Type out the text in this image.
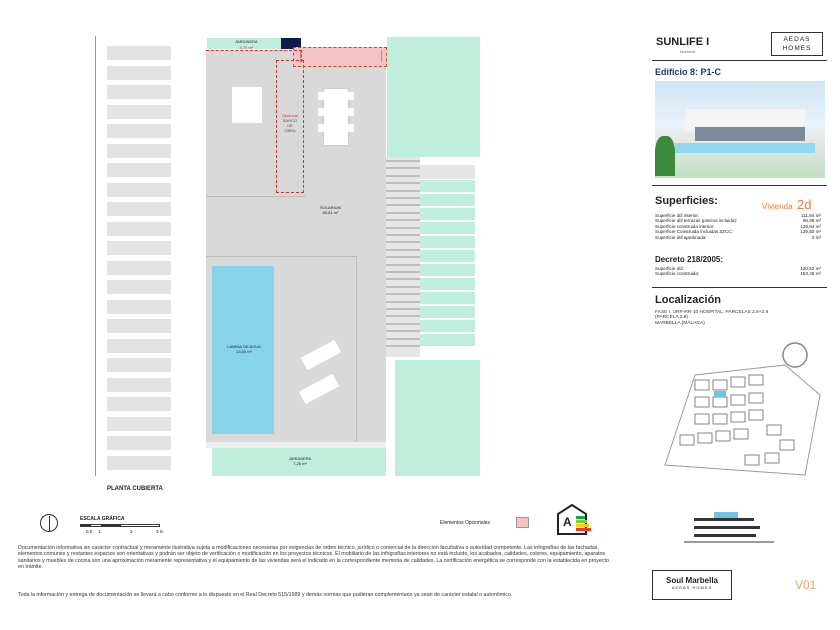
JARDINERA
3,70 m²
Opcional
BANCO
DE
OBRA
SOLARIUM
89,61 m²
LAMINA DE AGUA
13,50 m²
JARDINERA
7,26 m²
PLANTA CUBIERTA
ESCALA GRÁFICA
0.5 1	2	3 m
Elementos Opcionales	A
Documentación informativa sin carácter contractual y meramente ilustrativa sujeta a modificaciones necesarias por exigencias de orden técnico, jurídico o comercial de la dirección facultativa o autoridad competente. Las infografías de las fachadas, elementos comunes y restantes espacios son orientativas y podrán ser objeto de verificación o modificación en los proyectos técnicos. El mobiliario de las infografías interiores no está incluido, los acabados, calidades, colores, equipamiento, aparatos sanitarios y muebles de cocina son una aproximación meramente representativa y el equipamiento de las viviendas será el indicado en la correspondiente memoria de calidades. La certificación energética se corresponde con la establecida en proyecto en trámite.
Toda la información y entrega de documentación se llevará a cabo conforme a lo dispuesto en el Real Decreto 515/1989 y demás normas que pudieran complementario ya sean de carácter estatal o autonómico.
SUNLIFE I
Marbella
AEDAS
HOMES
Edificio 8: P1-C
Superficies:	Vivienda 2d
Superficie útil interior:	111,84 m²
Superficie útil terrazas (piscina incluida):	96,98 m²
Superficie construida interior:	129,84 m²
Superficie Construida incluidas ZZCC:	139,50 m²
Superficie útil ajardinada:	0 m²
Decreto 218/2005:
Superficie útil:	120,52 m²
Superficie construida:	153,45 m²
Localización
FASE I, URP-RR-10 HOSPITAL, PARCELAS 2.8+2.9
(PARCELA 2.8)
MARBELLA (MÁLAGA)
Soul Marbella
AEDAS HOMES	V01
